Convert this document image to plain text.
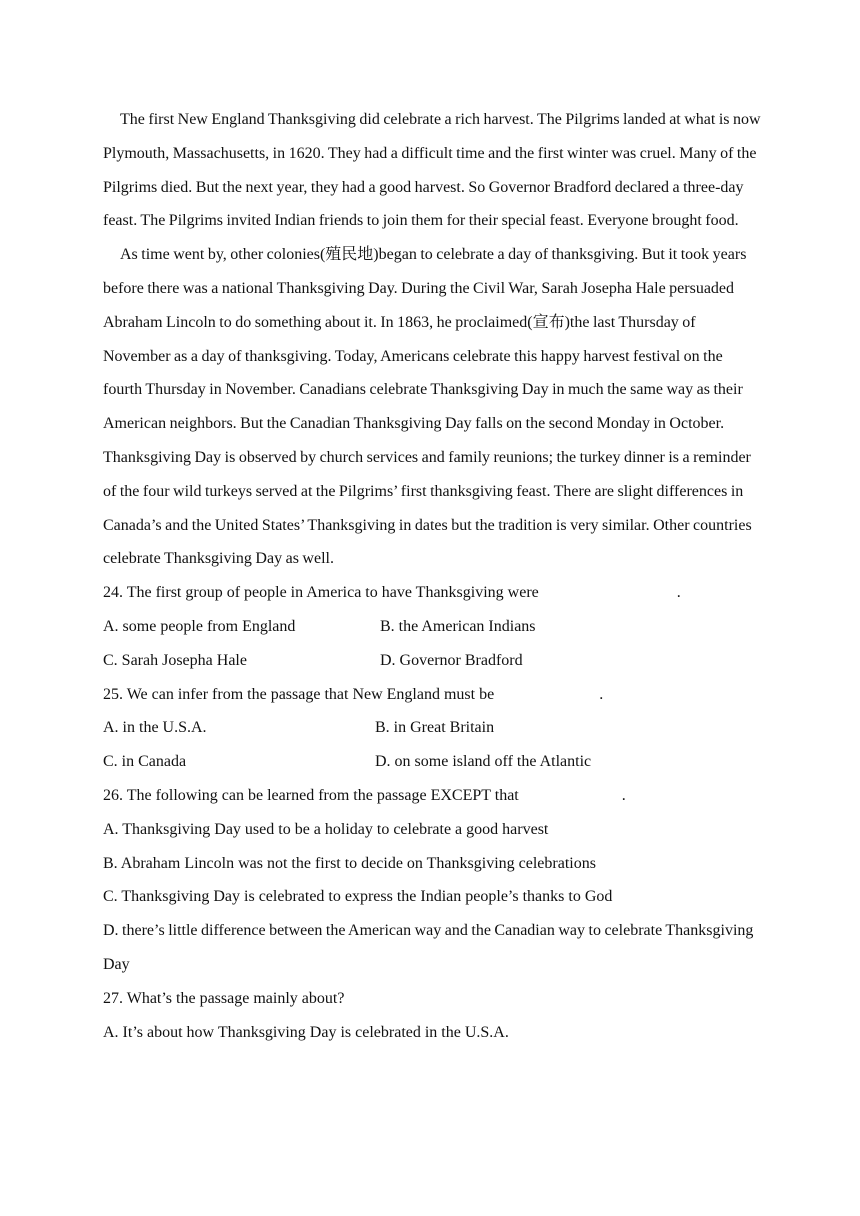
The first New England Thanksgiving did celebrate a rich harvest. The Pilgrims landed at what is now Plymouth, Massachusetts, in 1620. They had a difficult time and the first winter was cruel. Many of the Pilgrims died. But the next year, they had a good harvest. So Governor Bradford declared a three-day feast. The Pilgrims invited Indian friends to join them for their special feast. Everyone brought food.

As time went by, other colonies(殖民地)began to celebrate a day of thanksgiving. But it took years before there was a national Thanksgiving Day. During the Civil War, Sarah Josepha Hale persuaded Abraham Lincoln to do something about it. In 1863, he proclaimed(宣布)the last Thursday of November as a day of thanksgiving. Today, Americans celebrate this happy harvest festival on the fourth Thursday in November. Canadians celebrate Thanksgiving Day in much the same way as their American neighbors. But the Canadian Thanksgiving Day falls on the second Monday in October.

Thanksgiving Day is observed by church services and family reunions; the turkey dinner is a reminder of the four wild turkeys served at the Pilgrims’ first thanksgiving feast. There are slight differences in Canada’s and the United States’ Thanksgiving in dates but the tradition is very similar. Other countries celebrate Thanksgiving Day as well.

24. The first group of people in America to have Thanksgiving were	.

A. some people from England	B. the American Indians
C. Sarah Josepha Hale	D. Governor Bradford

25. We can infer from the passage that New England must be	.

A. in the U.S.A.	B. in Great Britain
C. in Canada	D. on some island off the Atlantic

26. The following can be learned from the passage EXCEPT that	.

A. Thanksgiving Day used to be a holiday to celebrate a good harvest

B. Abraham Lincoln was not the first to decide on Thanksgiving celebrations

C. Thanksgiving Day is celebrated to express the Indian people’s thanks to God

D. there’s little difference between the American way and the Canadian way to celebrate Thanksgiving Day

27. What’s the passage mainly about?

A. It’s about how Thanksgiving Day is celebrated in the U.S.A.
